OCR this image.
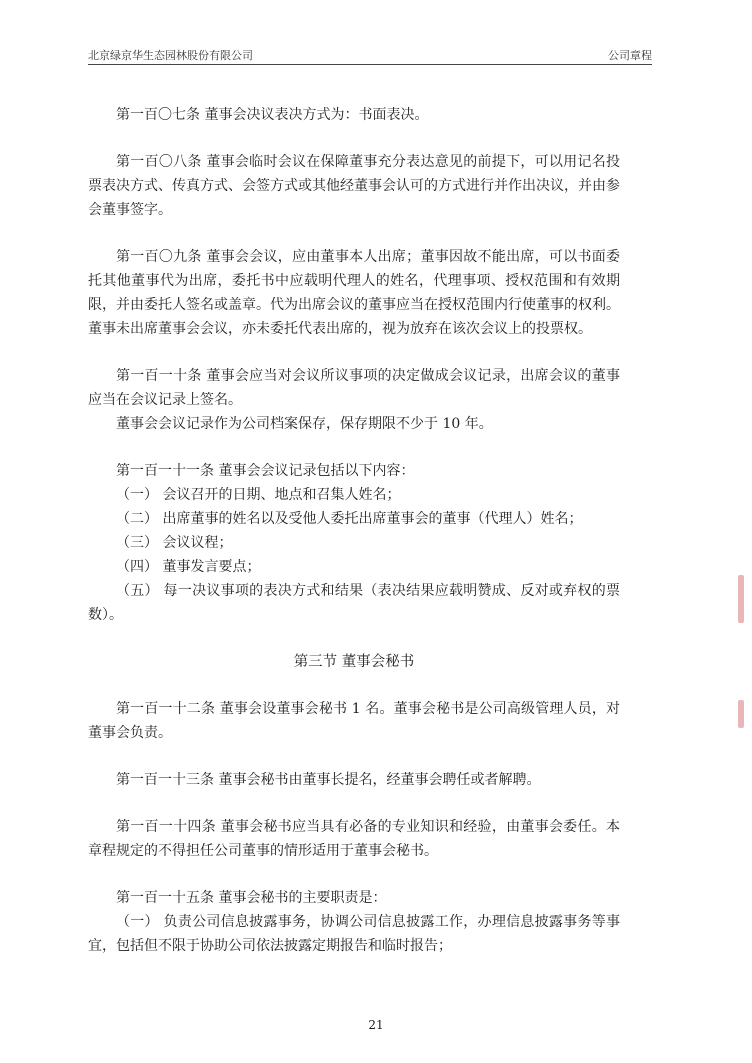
北京绿京华生态园林股份有限公司	公司章程

第一百〇七条 董事会决议表决方式为：书面表决。

第一百〇八条 董事会临时会议在保障董事充分表达意见的前提下，可以用记名投票表决方式、传真方式、会签方式或其他经董事会认可的方式进行并作出决议，并由参会董事签字。

第一百〇九条 董事会会议，应由董事本人出席；董事因故不能出席，可以书面委托其他董事代为出席，委托书中应载明代理人的姓名，代理事项、授权范围和有效期限，并由委托人签名或盖章。代为出席会议的董事应当在授权范围内行使董事的权利。董事未出席董事会会议，亦未委托代表出席的，视为放弃在该次会议上的投票权。

第一百一十条 董事会应当对会议所议事项的决定做成会议记录，出席会议的董事应当在会议记录上签名。

董事会会议记录作为公司档案保存，保存期限不少于 10 年。

第一百一十一条 董事会会议记录包括以下内容：

（一） 会议召开的日期、地点和召集人姓名；

（二） 出席董事的姓名以及受他人委托出席董事会的董事（代理人）姓名；

（三） 会议议程；

（四） 董事发言要点；

（五） 每一决议事项的表决方式和结果（表决结果应载明赞成、反对或弃权的票数）。

第三节 董事会秘书

第一百一十二条 董事会设董事会秘书 1 名。董事会秘书是公司高级管理人员，对董事会负责。

第一百一十三条 董事会秘书由董事长提名，经董事会聘任或者解聘。

第一百一十四条 董事会秘书应当具有必备的专业知识和经验，由董事会委任。本章程规定的不得担任公司董事的情形适用于董事会秘书。

第一百一十五条 董事会秘书的主要职责是：

（一） 负责公司信息披露事务，协调公司信息披露工作，办理信息披露事务等事宜，包括但不限于协助公司依法披露定期报告和临时报告；

21
